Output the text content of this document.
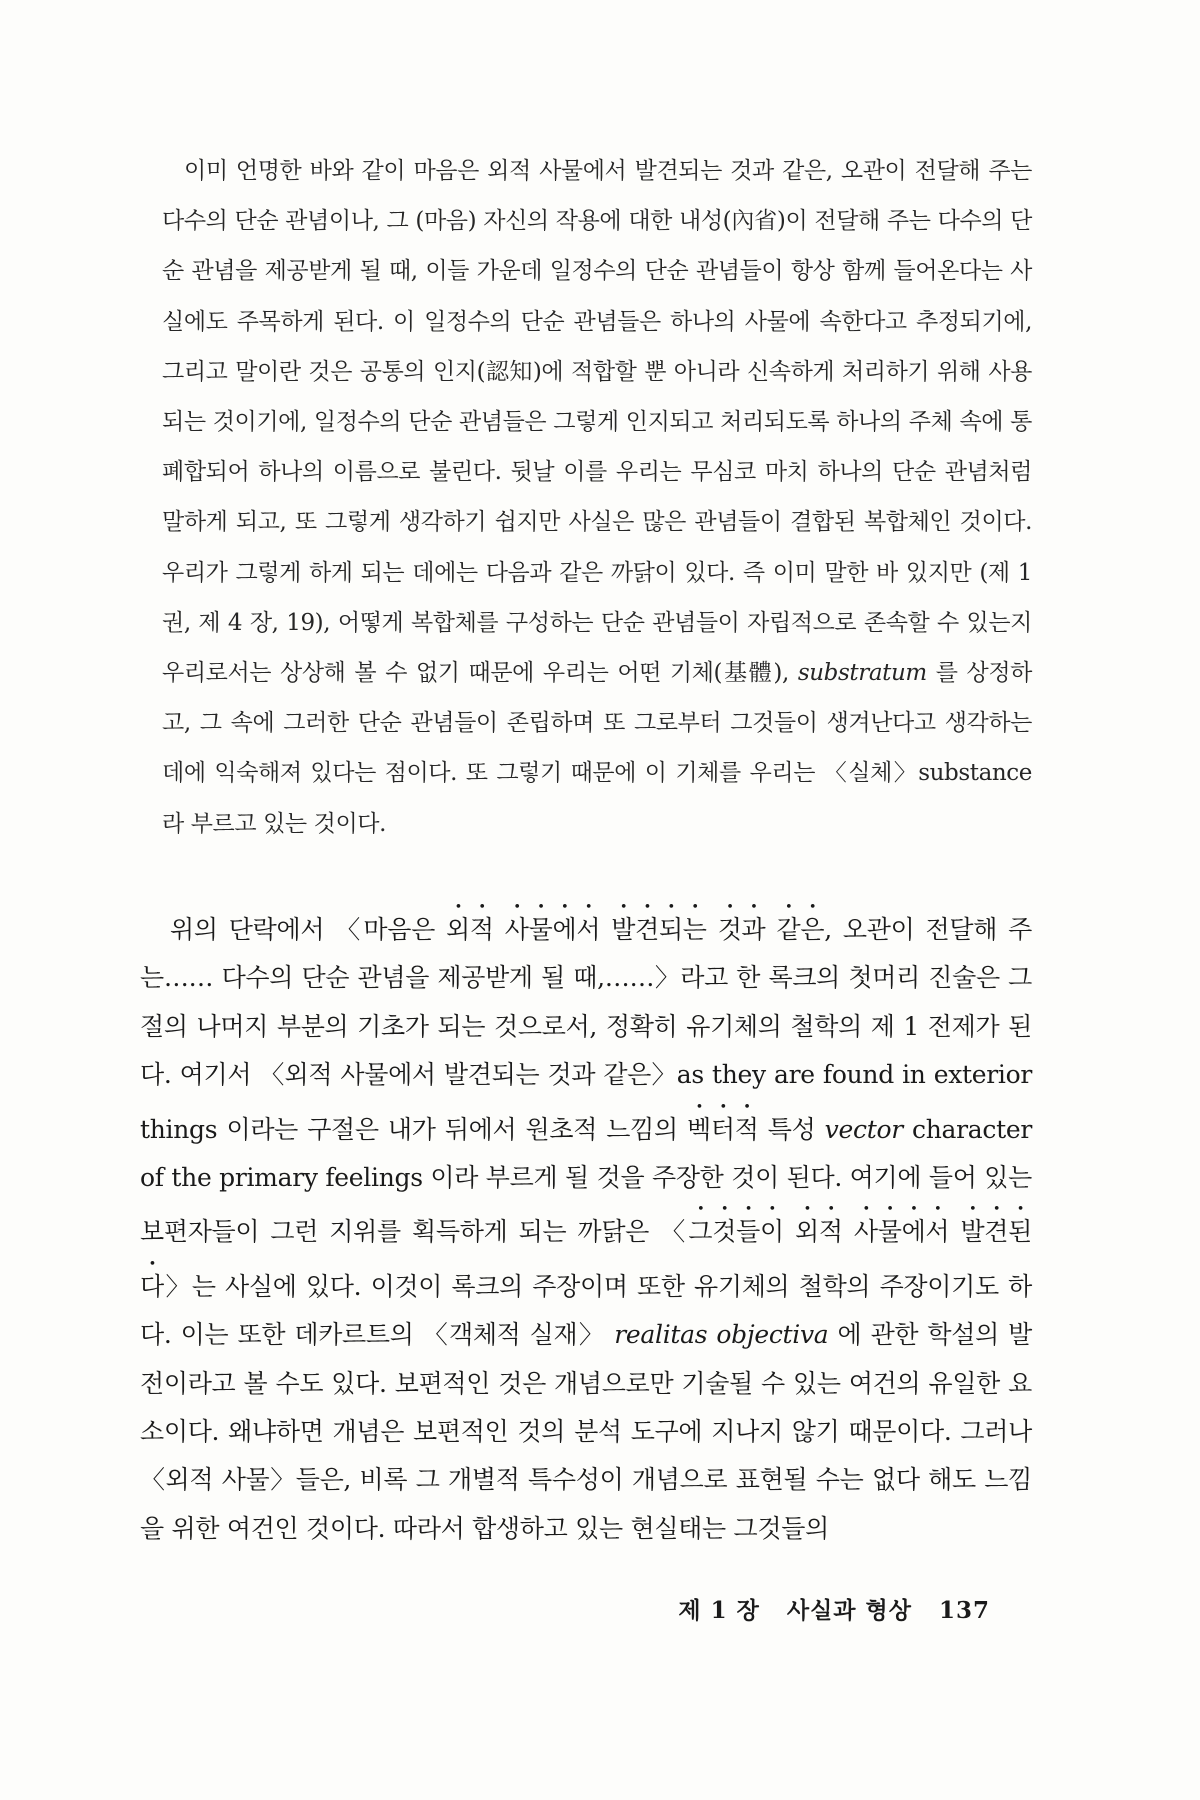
이미 언명한 바와 같이 마음은 외적 사물에서 발견되는 것과 같은, 오관이 전달해 주는 다수의 단순 관념이나, 그 (마음) 자신의 작용에 대한 내성(內省)이 전달해 주는 다수의 단순 관념을 제공받게 될 때, 이들 가운데 일정수의 단순 관념들이 항상 함께 들어온다는 사실에도 주목하게 된다. 이 일정수의 단순 관념들은 하나의 사물에 속한다고 추정되기에, 그리고 말이란 것은 공통의 인지(認知)에 적합할 뿐 아니라 신속하게 처리하기 위해 사용되는 것이기에, 일정수의 단순 관념들은 그렇게 인지되고 처리되도록 하나의 주체 속에 통폐합되어 하나의 이름으로 불린다. 뒷날 이를 우리는 무심코 마치 하나의 단순 관념처럼 말하게 되고, 또 그렇게 생각하기 쉽지만 사실은 많은 관념들이 결합된 복합체인 것이다. 우리가 그렇게 하게 되는 데에는 다음과 같은 까닭이 있다. 즉 이미 말한 바 있지만 (제 1 권, 제 4 장, 19), 어떻게 복합체를 구성하는 단순 관념들이 자립적으로 존속할 수 있는지 우리로서는 상상해 볼 수 없기 때문에 우리는 어떤 기체(基體), substratum 를 상정하고, 그 속에 그러한 단순 관념들이 존립하며 또 그로부터 그것들이 생겨난다고 생각하는 데에 익숙해져 있다는 점이다. 또 그렇기 때문에 이 기체를 우리는 〈실체〉substance 라 부르고 있는 것이다.
위의 단락에서 〈마음은 외적 사물에서 발견되는 것과 같은, 오관이 전달해 주는…… 다수의 단순 관념을 제공받게 될 때,……〉라고 한 록크의 첫머리 진술은 그 절의 나머지 부분의 기초가 되는 것으로서, 정확히 유기체의 철학의 제 1 전제가 된다. 여기서 〈외적 사물에서 발견되는 것과 같은〉as they are found in exterior things 이라는 구절은 내가 뒤에서 원초적 느낌의 벡터적 특성 vector character of the primary feelings 이라 부르게 될 것을 주장한 것이 된다. 여기에 들어 있는 보편자들이 그런 지위를 획득하게 되는 까닭은 〈그것들이 외적 사물에서 발견된다〉는 사실에 있다. 이것이 록크의 주장이며 또한 유기체의 철학의 주장이기도 하다. 이는 또한 데카르트의 〈객체적 실재〉 realitas objectiva 에 관한 학설의 발전이라고 볼 수도 있다. 보편적인 것은 개념으로만 기술될 수 있는 여건의 유일한 요소이다. 왜냐하면 개념은 보편적인 것의 분석 도구에 지나지 않기 때문이다. 그러나 〈외적 사물〉들은, 비록 그 개별적 특수성이 개념으로 표현될 수는 없다 해도 느낌을 위한 여건인 것이다. 따라서 합생하고 있는 현실태는 그것들의
제 1 장 사실과 형상 137
